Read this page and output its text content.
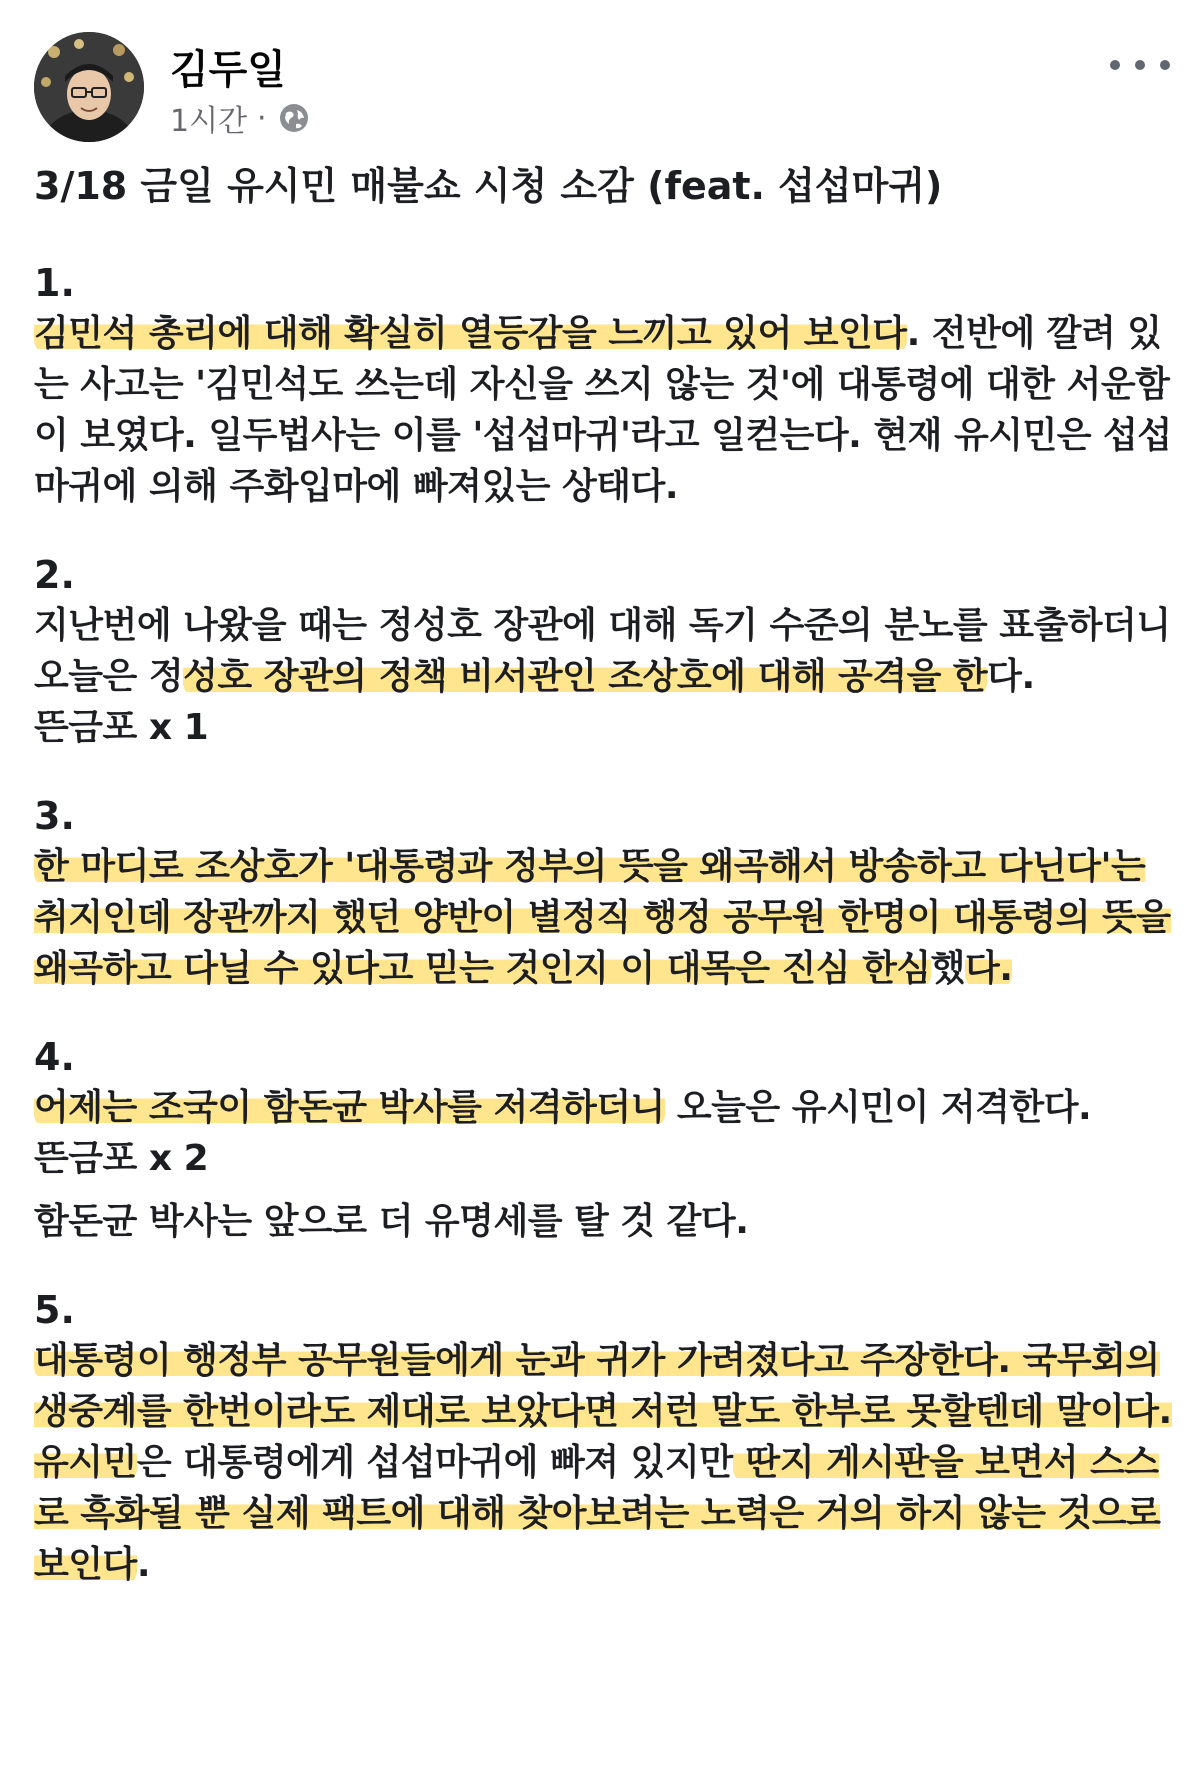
김두일
1시간 ·
3/18 금일 유시민 매불쇼 시청 소감 (feat. 섭섭마귀)
1.

김민석 총리에 대해 확실히 열등감을 느끼고 있어 보인다. 전반에 깔려 있는 사고는 '김민석도 쓰는데 자신을 쓰지 않는 것'에 대통령에 대한 서운함이 보였다. 일두법사는 이를 '섭섭마귀'라고 일컫는다. 현재 유시민은 섭섭마귀에 의해 주화입마에 빠져있는 상태다.

2.

지난번에 나왔을 때는 정성호 장관에 대해 독기 수준의 분노를 표출하더니 오늘은 정성호 장관의 정책 비서관인 조상호에 대해 공격을 한다.

뜬금포 x 1

3.

한 마디로 조상호가 '대통령과 정부의 뜻을 왜곡해서 방송하고 다닌다'는 취지인데 장관까지 했던 양반이 별정직 행정 공무원 한명이 대통령의 뜻을 왜곡하고 다닐 수 있다고 믿는 것인지 이 대목은 진심 한심했다.

4.

어제는 조국이 함돈균 박사를 저격하더니 오늘은 유시민이 저격한다.

뜬금포 x 2

함돈균 박사는 앞으로 더 유명세를 탈 것 같다.

5.

대통령이 행정부 공무원들에게 눈과 귀가 가려졌다고 주장한다. 국무회의 생중계를 한번이라도 제대로 보았다면 저런 말도 한부로 못할텐데 말이다. 유시민은 대통령에게 섭섭마귀에 빠져 있지만 딴지 게시판을 보면서 스스로 흑화될 뿐 실제 팩트에 대해 찾아보려는 노력은 거의 하지 않는 것으로 보인다.
